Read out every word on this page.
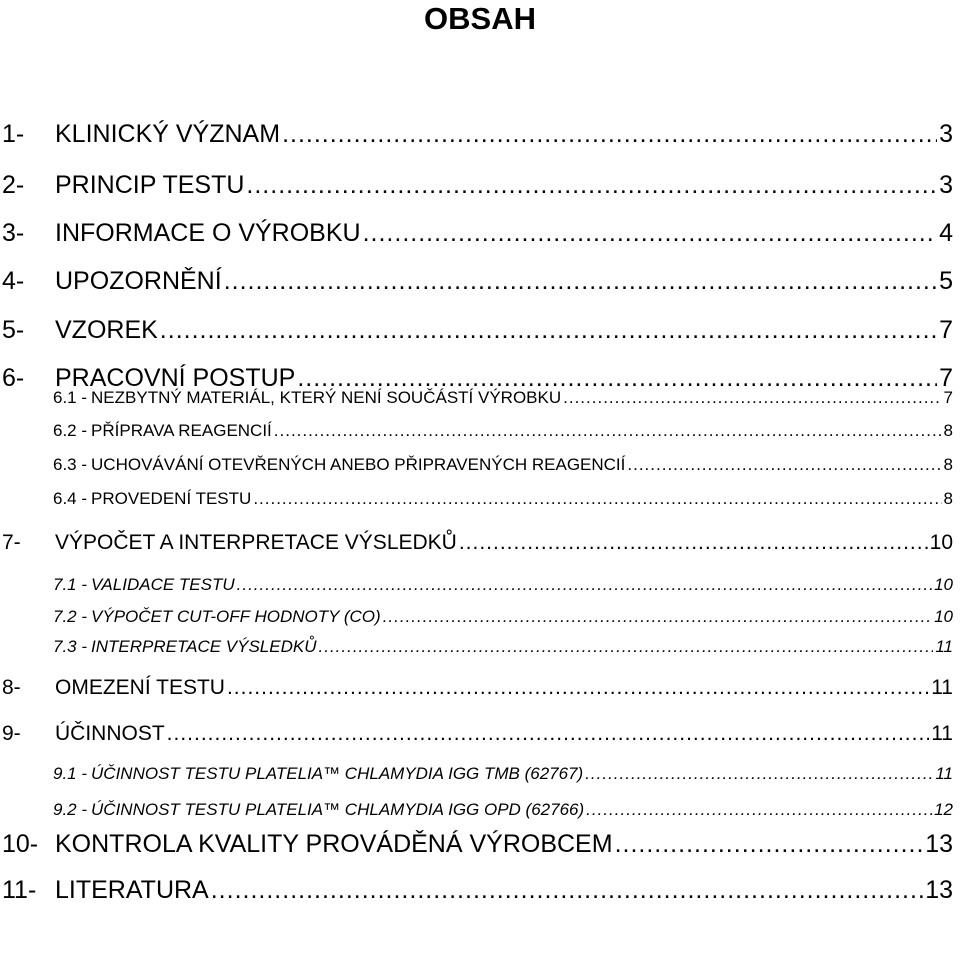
OBSAH
1-	KLINICKÝ VÝZNAM .....	3
2-	PRINCIP TESTU .....	3
3-	INFORMACE O VÝROBKU .....	4
4-	UPOZORNĚNÍ .....	5
5-	VZOREK .....	7
6-	PRACOVNÍ POSTUP .....	7
6.1 - NEZBYTNÝ MATERIÁL, KTERÝ NENÍ SOUČÁSTÍ VÝROBKU .....	7
6.2 - PŘÍPRAVA REAGENCIÍ .....	8
6.3 - UCHOVÁVÁNÍ OTEVŘENÝCH ANEBO PŘIPRAVENÝCH REAGENCIÍ .....	8
6.4 - PROVEDENÍ TESTU .....	8
7-	VÝPOČET A INTERPRETACE VÝSLEDKŮ .....	10
7.1 - VALIDACE TESTU .....	10
7.2 - VÝPOČET CUT-OFF HODNOTY (CO) .....	10
7.3 - INTERPRETACE VÝSLEDKŮ .....	11
8-	OMEZENÍ TESTU .....	11
9-	ÚČINNOST .....	11
9.1 - ÚČINNOST TESTU PLATELIA™ CHLAMYDIA IGG TMB (62767) .....	11
9.2 - ÚČINNOST TESTU PLATELIA™ CHLAMYDIA IGG OPD (62766) .....	12
10- KONTROLA KVALITY PROVÁDĚNÁ VÝROBCEM .....	13
11- LITERATURA .....	13
